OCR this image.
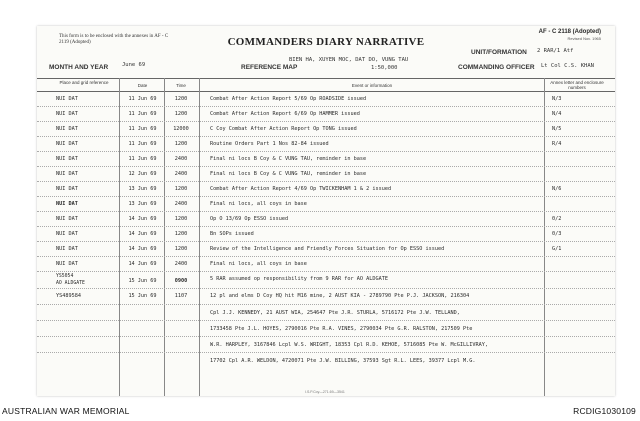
This form is to be enclosed with the annexes in AF - C 2119 (Adopted)
AF - C 2118 (Adopted)
Revised Nov. 1965
COMMANDERS DIARY NARRATIVE
MONTH AND YEAR	June 69	REFERENCE MAP
BIEN HA, XUYEN MOC, DAT DO, VUNG TAU
1:50,000
UNIT/FORMATION 2 RAR/1 Atf
COMMANDING OFFICER Lt Col C.S. KHAN
Place and grid reference
Date	Time	Event or information
Annex letter and enclosure numbers
NUI DAT	11 Jun 69	1200	Combat After Action Report 5/69 Op ROADSIDE issued	N/3
NUI DAT	11 Jun 69	1200	Combat After Action Report 6/69 Op HAMMER issued	N/4
NUI DAT	11 Jun 69	12000	C Coy Combat After Action Report Op TONG issued	N/5
NUI DAT	11 Jun 69	1200	Routine Orders Part 1 Nos 82-84 issued	R/4
NUI DAT	11 Jun 69	2400	Final ni locs B Coy & C VUNG TAU, reminder in base
NUI DAT	12 Jun 69	2400	Final ni locs B Coy & C VUNG TAU, reminder in base
NUI DAT	13 Jun 69	1200	Combat After Action Report 4/69 Op TWICKENHAM 1 & 2 issued	N/6
NUI DAT	13 Jun 69	2400	Final ni locs, all coys in base
NUI DAT	14 Jun 69	1200	Op O 13/69 Op ESSO issued	0/2
NUI DAT	14 Jun 69	1200	Bn SOPs issued	0/3
NUI DAT	14 Jun 69	1200	Review of the Intelligence and Friendly Forces Situation for Op ESSO issued	G/1
NUI DAT	14 Jun 69	2400	Final ni locs, all coys in base
YS5054
AO ALDGATE	15 Jun 69	0900	5 RAR assumed op responsibility from 9 RAR for AO ALDGATE
YS489584	15 Jun 69	1107	12 pl and elms D Coy HQ hit M16 mine, 2 AUST KIA - 2789790 Pte P.J. JACKSON, 216304
Cpl J.J. KENNEDY, 21 AUST WIA, 254647 Pte J.R. STURLA, 5716172 Pte J.W. TELLAND,
1733458 Pte J.L. HOYES, 2790016 Pte R.A. VINES, 2790034 Pte G.R. RALSTON, 217509 Pte
W.R. HARPLEY, 3167846 Lcpl W.S. WRIGHT, 18353 Cpl R.D. KEHOE, 5716085 Pte W. McGILLIVRAY,
17702 Cpl A.R. WELDON, 4720071 Pte J.W. BILLING, 37593 Sgt R.L. LEES, 39377 Lcpl M.G.
I.S.P.Coy—271.69—3541
AUSTRALIAN WAR MEMORIAL	RCDIG1030109
